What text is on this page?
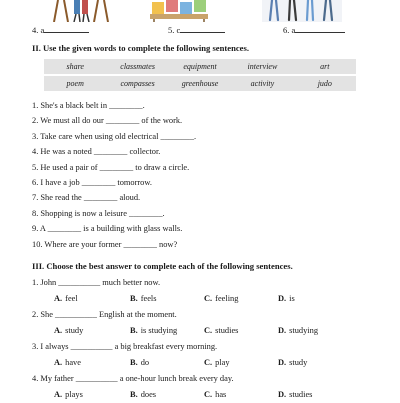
4. a	5. c	6. a
II. Use the given words to complete the following sentences.
share	classmates	equipment	interview	art
poem	compasses	greenhouse	activity	judo
1. She's a black belt in ________.
2. We must all do our ________ of the work.
3. Take care when using old electrical ________.
4. He was a noted ________ collector.
5. He used a pair of ________ to draw a circle.
6. I have a job ________ tomorrow.
7. She read the ________ aloud.
8. Shopping is now a leisure ________.
9. A ________ is a building with glass walls.
10. Where are your former ________ now?
III. Choose the best answer to complete each of the following sentences.
1. John __________ much better now.
A. feel	B. feels	C. feeling	D. is
2. She __________ English at the moment.
A. study	B. is studying	C. studies	D. studying
3. I always __________ a big breakfast every morning.
A. have	B. do	C. play	D. study
4. My father __________ a one-hour lunch break every day.
A. plays	B. does	C. has	D. studies
